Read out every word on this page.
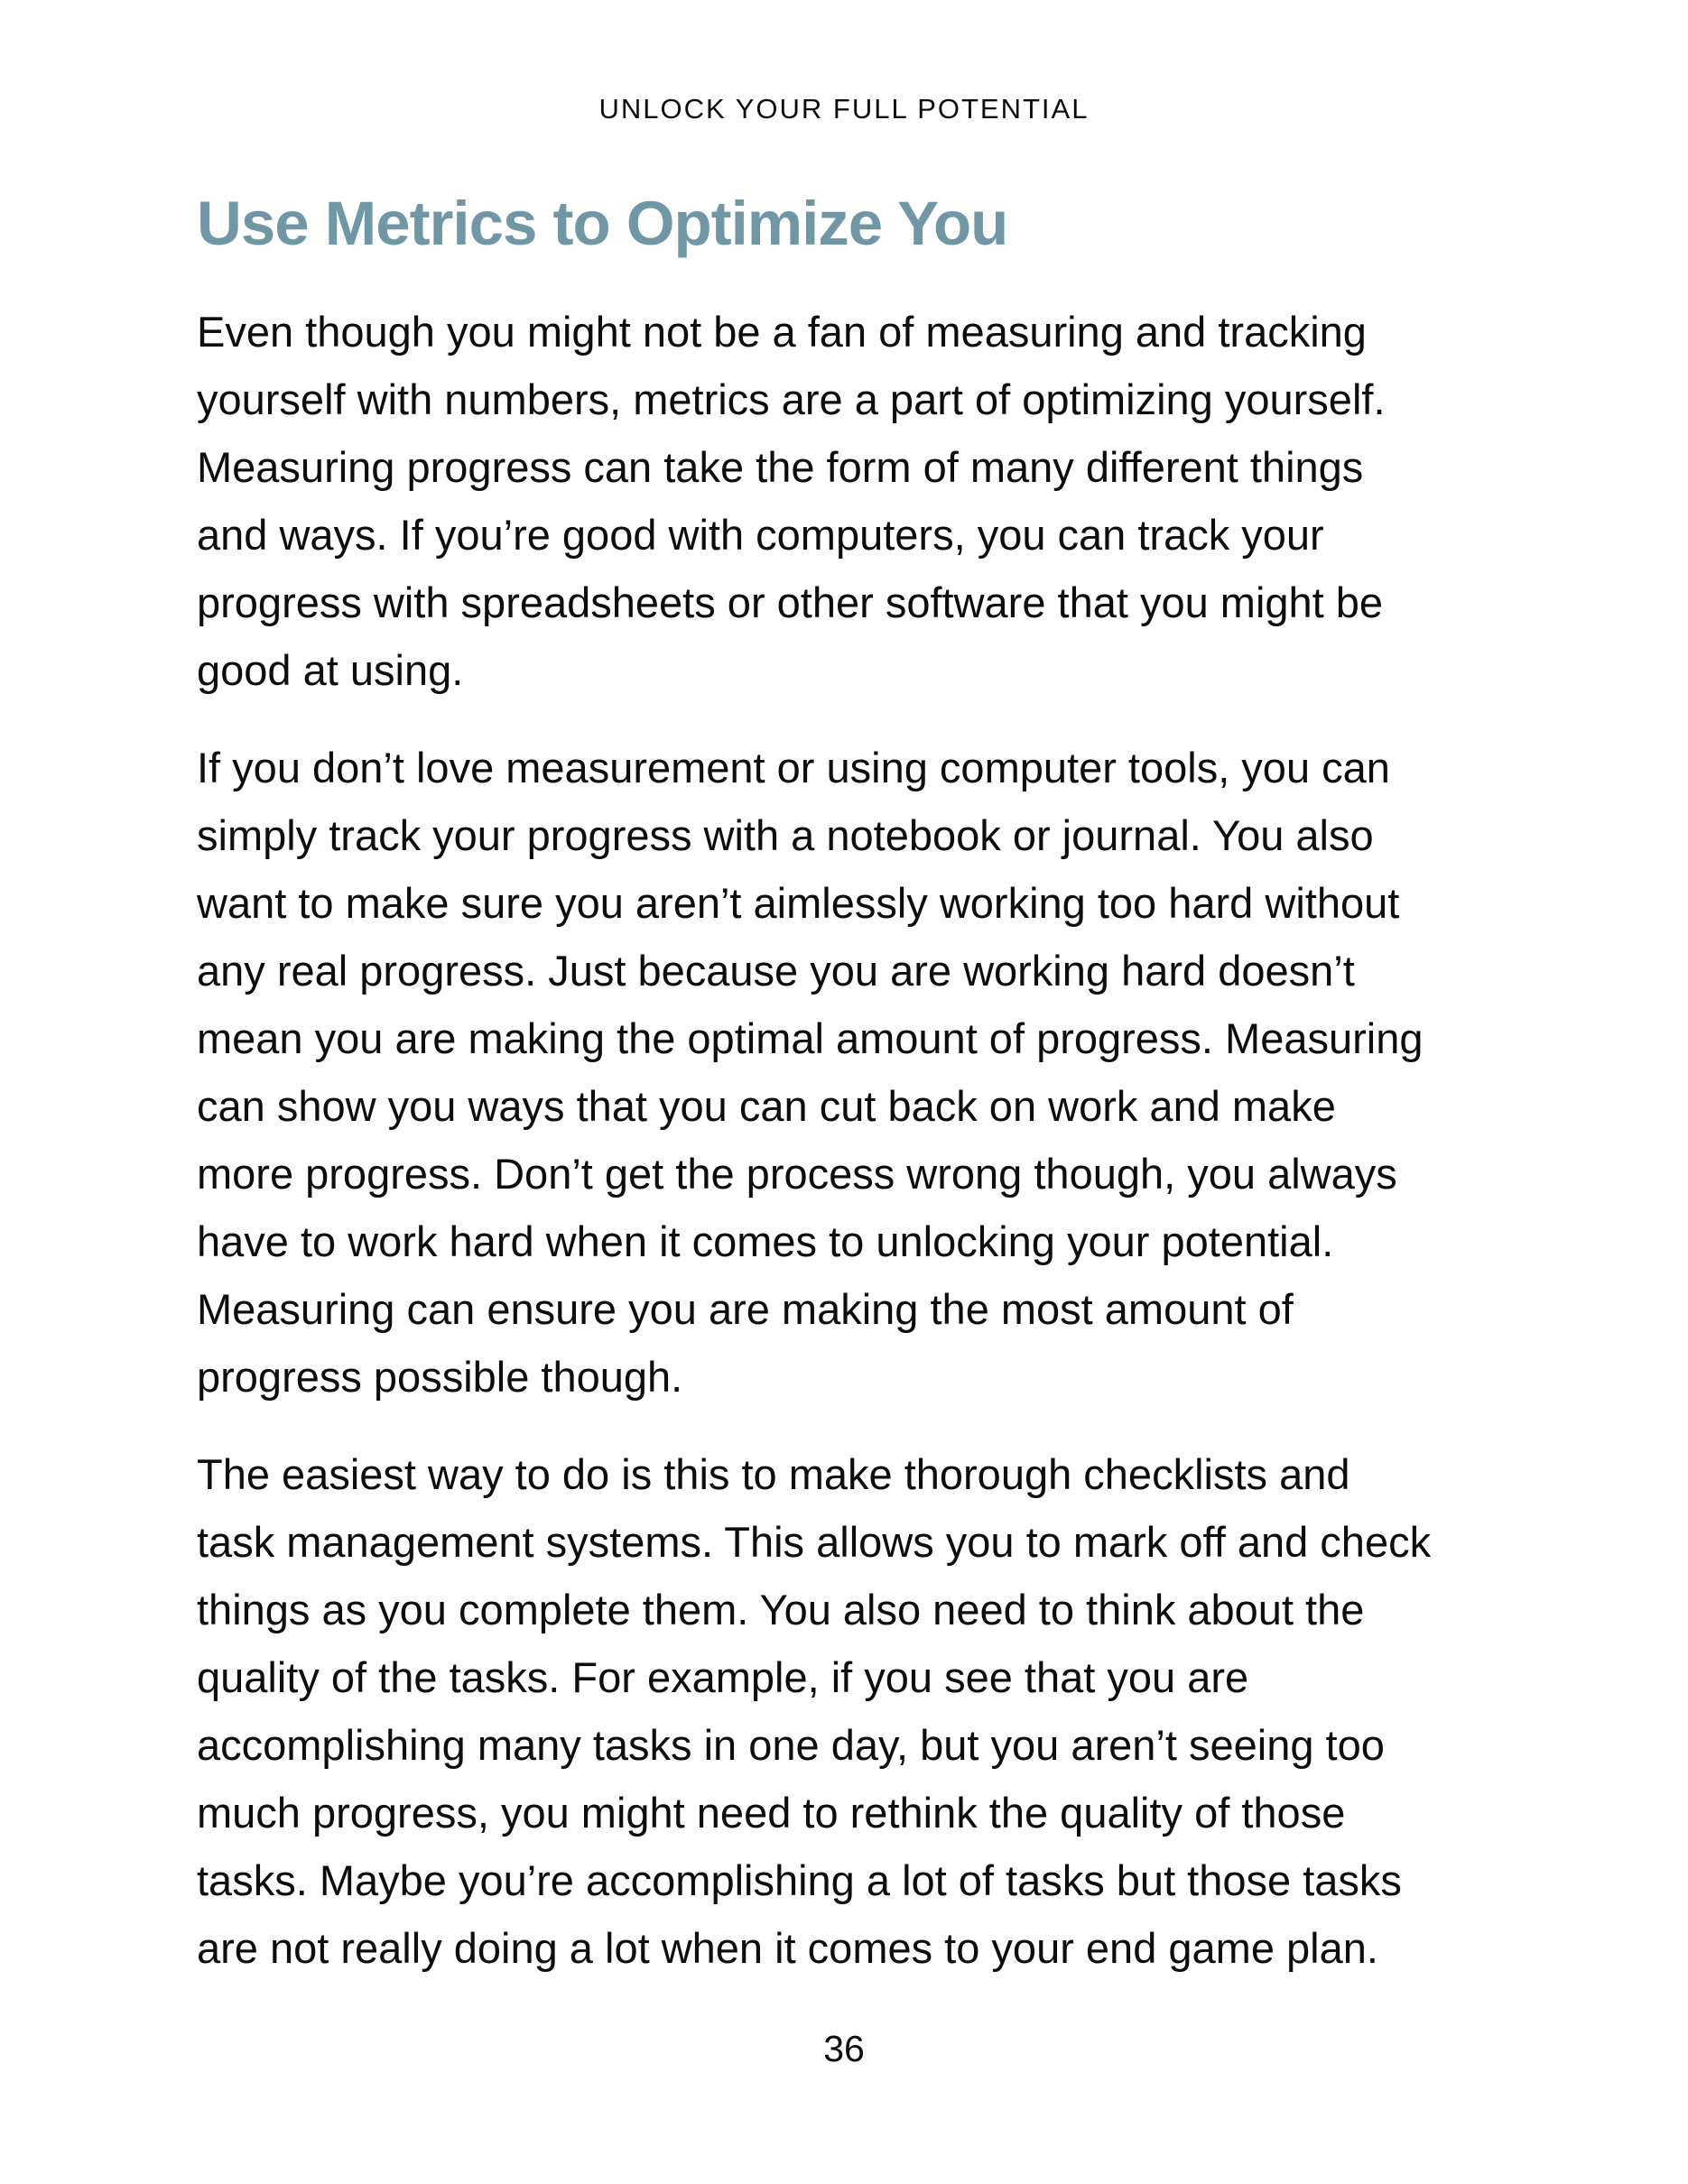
UNLOCK YOUR FULL POTENTIAL
Use Metrics to Optimize You
Even though you might not be a fan of measuring and tracking
yourself with numbers, metrics are a part of optimizing yourself.
Measuring progress can take the form of many different things
and ways. If you’re good with computers, you can track your
progress with spreadsheets or other software that you might be
good at using.
If you don’t love measurement or using computer tools, you can
simply track your progress with a notebook or journal. You also
want to make sure you aren’t aimlessly working too hard without
any real progress. Just because you are working hard doesn’t
mean you are making the optimal amount of progress. Measuring
can show you ways that you can cut back on work and make
more progress. Don’t get the process wrong though, you always
have to work hard when it comes to unlocking your potential.
Measuring can ensure you are making the most amount of
progress possible though.
The easiest way to do is this to make thorough checklists and
task management systems. This allows you to mark off and check
things as you complete them. You also need to think about the
quality of the tasks. For example, if you see that you are
accomplishing many tasks in one day, but you aren’t seeing too
much progress, you might need to rethink the quality of those
tasks. Maybe you’re accomplishing a lot of tasks but those tasks
are not really doing a lot when it comes to your end game plan.
36
